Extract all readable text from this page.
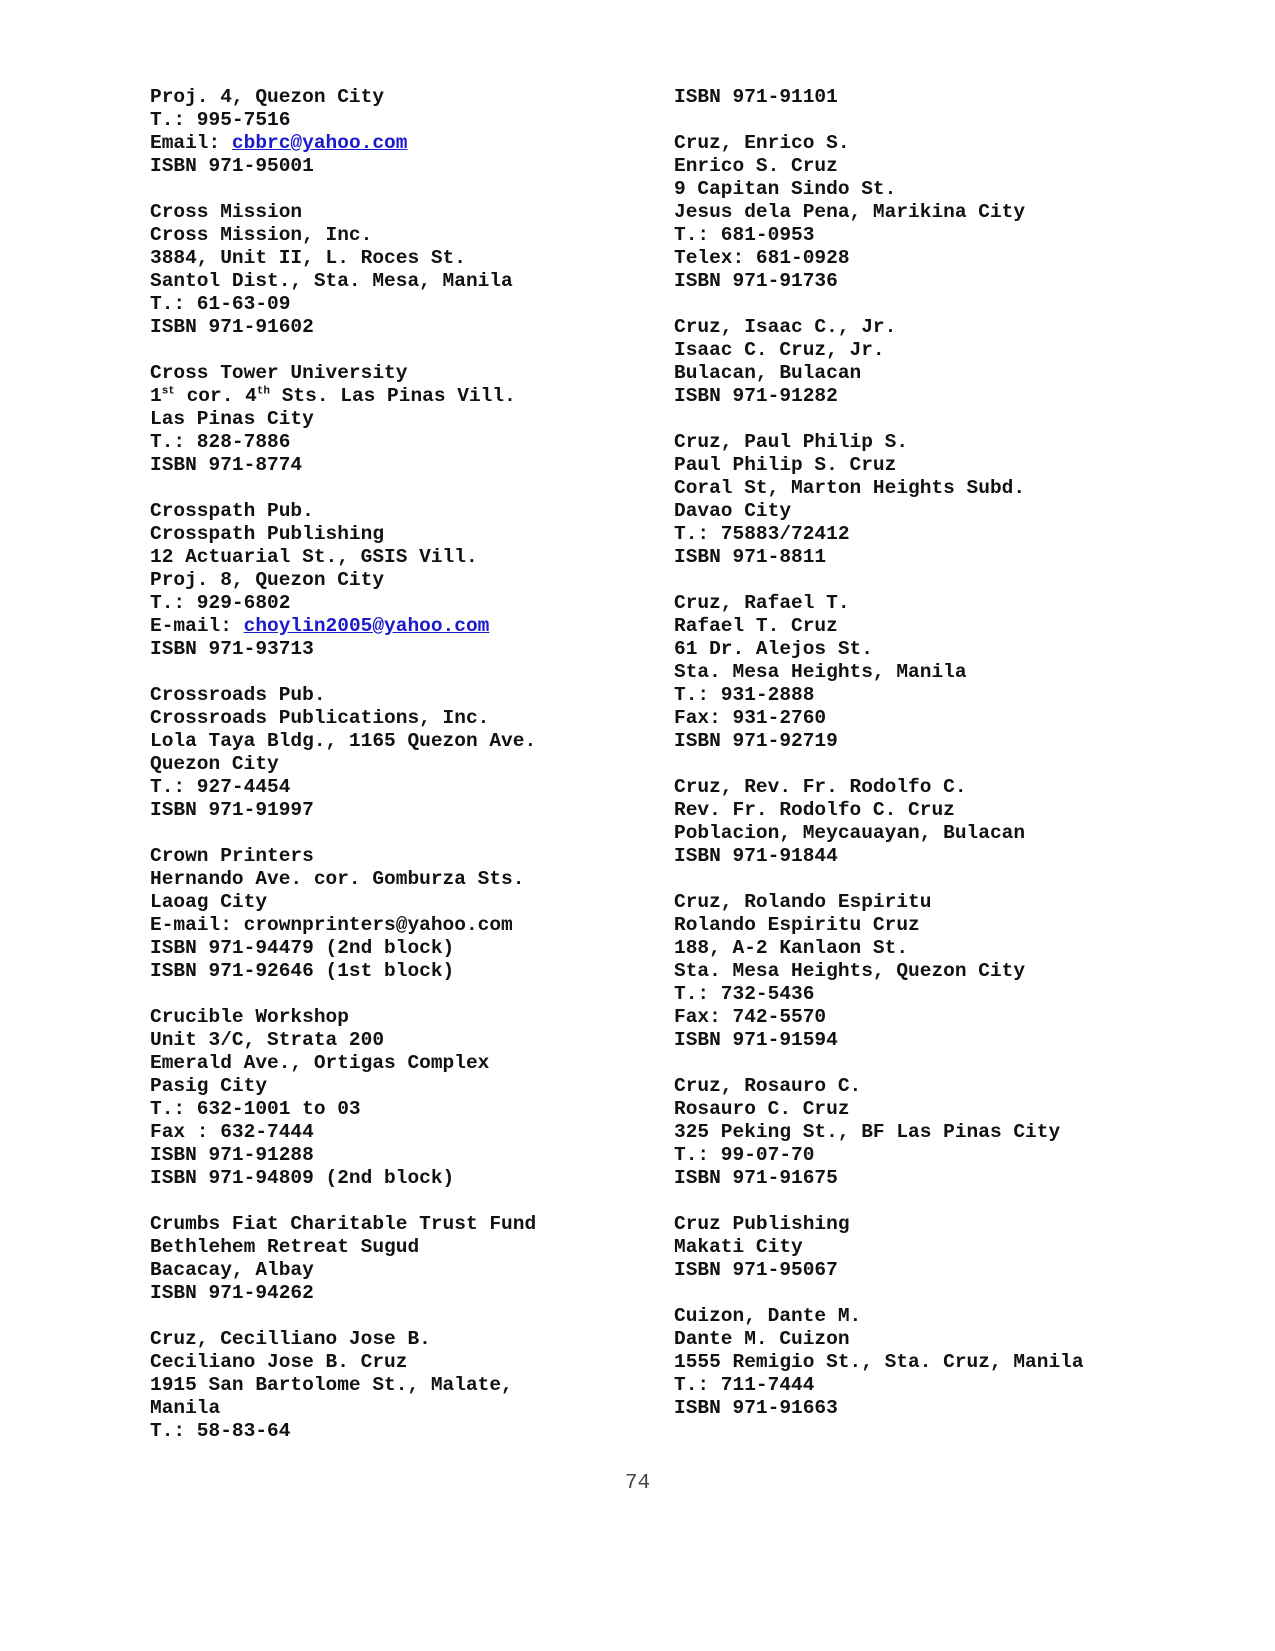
Proj. 4, Quezon City
T.: 995-7516
Email: cbbrc@yahoo.com
ISBN 971-95001
Cross Mission
Cross Mission, Inc.
3884, Unit II, L. Roces St.
Santol Dist., Sta. Mesa, Manila
T.: 61-63-09
ISBN 971-91602
Cross Tower University
1st cor. 4th Sts. Las Pinas Vill.
Las Pinas City
T.: 828-7886
ISBN 971-8774
Crosspath Pub.
Crosspath Publishing
12 Actuarial St., GSIS Vill.
Proj. 8, Quezon City
T.: 929-6802
E-mail: choylin2005@yahoo.com
ISBN 971-93713
Crossroads Pub.
Crossroads Publications, Inc.
Lola Taya Bldg., 1165 Quezon Ave.
Quezon City
T.: 927-4454
ISBN 971-91997
Crown Printers
Hernando Ave. cor. Gomburza Sts.
Laoag City
E-mail: crownprinters@yahoo.com
ISBN 971-94479 (2nd block)
ISBN 971-92646 (1st block)
Crucible Workshop
Unit 3/C, Strata 200
Emerald Ave., Ortigas Complex
Pasig City
T.: 632-1001 to 03
Fax : 632-7444
ISBN 971-91288
ISBN 971-94809 (2nd block)
Crumbs Fiat Charitable Trust Fund
Bethlehem Retreat Sugud
Bacacay, Albay
ISBN 971-94262
Cruz, Cecilliano Jose B.
Ceciliano Jose B. Cruz
1915 San Bartolome St., Malate,
Manila
T.: 58-83-64
ISBN 971-91101
Cruz, Enrico S.
Enrico S. Cruz
9 Capitan Sindo St.
Jesus dela Pena, Marikina City
T.: 681-0953
Telex: 681-0928
ISBN 971-91736
Cruz, Isaac C., Jr.
Isaac C. Cruz, Jr.
Bulacan, Bulacan
ISBN 971-91282
Cruz, Paul Philip S.
Paul Philip S. Cruz
Coral St, Marton Heights Subd.
Davao City
T.: 75883/72412
ISBN 971-8811
Cruz, Rafael T.
Rafael T. Cruz
61 Dr. Alejos St.
Sta. Mesa Heights, Manila
T.: 931-2888
Fax: 931-2760
ISBN 971-92719
Cruz, Rev. Fr. Rodolfo C.
Rev. Fr. Rodolfo C. Cruz
Poblacion, Meycauayan, Bulacan
ISBN 971-91844
Cruz, Rolando Espiritu
Rolando Espiritu Cruz
188, A-2 Kanlaon St.
Sta. Mesa Heights, Quezon City
T.: 732-5436
Fax: 742-5570
ISBN 971-91594
Cruz, Rosauro C.
Rosauro C. Cruz
325 Peking St., BF Las Pinas City
T.: 99-07-70
ISBN 971-91675
Cruz Publishing
Makati City
ISBN 971-95067
Cuizon, Dante M.
Dante M. Cuizon
1555 Remigio St., Sta. Cruz, Manila
T.: 711-7444
ISBN 971-91663
74
